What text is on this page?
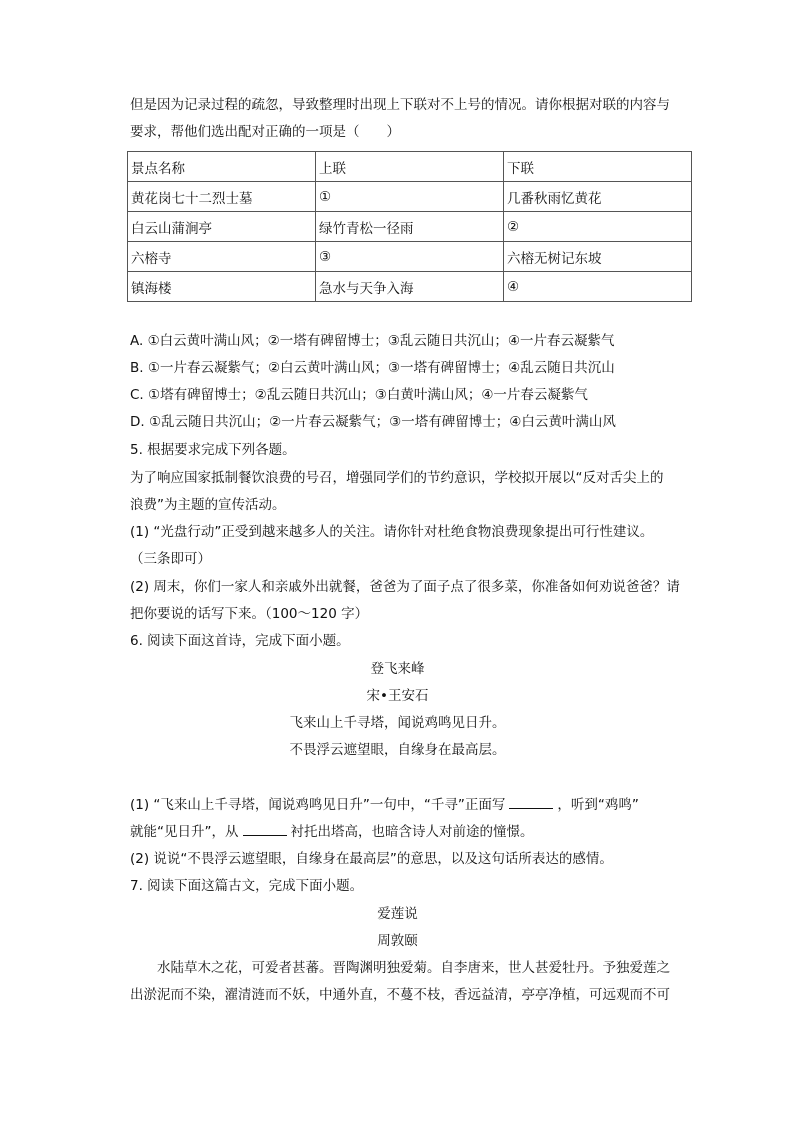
但是因为记录过程的疏忽，导致整理时出现上下联对不上号的情况。请你根据对联的内容与

要求，帮他们选出配对正确的一项是（　　）

景点名称	上联	下联
黄花岗七十二烈士墓	①	几番秋雨忆黄花
白云山蒲涧亭	绿竹青松一径雨	②
六榕寺	③	六榕无树记东坡
镇海楼	急水与天争入海	④

A. ①白云黄叶满山风；②一塔有碑留博士；③乱云随日共沉山；④一片春云凝紫气

B. ①一片春云凝紫气；②白云黄叶满山风；③一塔有碑留博士；④乱云随日共沉山

C. ①塔有碑留博士；②乱云随日共沉山；③白黄叶满山风；④一片春云凝紫气

D. ①乱云随日共沉山；②一片春云凝紫气；③一塔有碑留博士；④白云黄叶满山风

5. 根据要求完成下列各题。

为了响应国家抵制餐饮浪费的号召，增强同学们的节约意识，学校拟开展以“反对舌尖上的

浪费”为主题的宣传活动。

(1) “光盘行动”正受到越来越多人的关注。请你针对杜绝食物浪费现象提出可行性建议。

（三条即可）

(2) 周末，你们一家人和亲戚外出就餐，爸爸为了面子点了很多菜，你准备如何劝说爸爸？请

把你要说的话写下来。（100～120 字）

6. 阅读下面这首诗，完成下面小题。

登飞来峰

宋•王安石

飞来山上千寻塔，闻说鸡鸣见日升。

不畏浮云遮望眼，自缘身在最高层。

(1) “飞来山上千寻塔，闻说鸡鸣见日升”一句中，“千寻”正面写	，听到“鸡鸣”

就能“见日升”，从	衬托出塔高，也暗含诗人对前途的憧憬。

(2) 说说“不畏浮云遮望眼，自缘身在最高层”的意思，以及这句话所表达的感情。

7. 阅读下面这篇古文，完成下面小题。

爱莲说

周敦颐

水陆草木之花，可爱者甚蕃。晋陶渊明独爱菊。自李唐来，世人甚爱牡丹。予独爱莲之

出淤泥而不染，濯清涟而不妖，中通外直，不蔓不枝，香远益清，亭亭净植，可远观而不可
